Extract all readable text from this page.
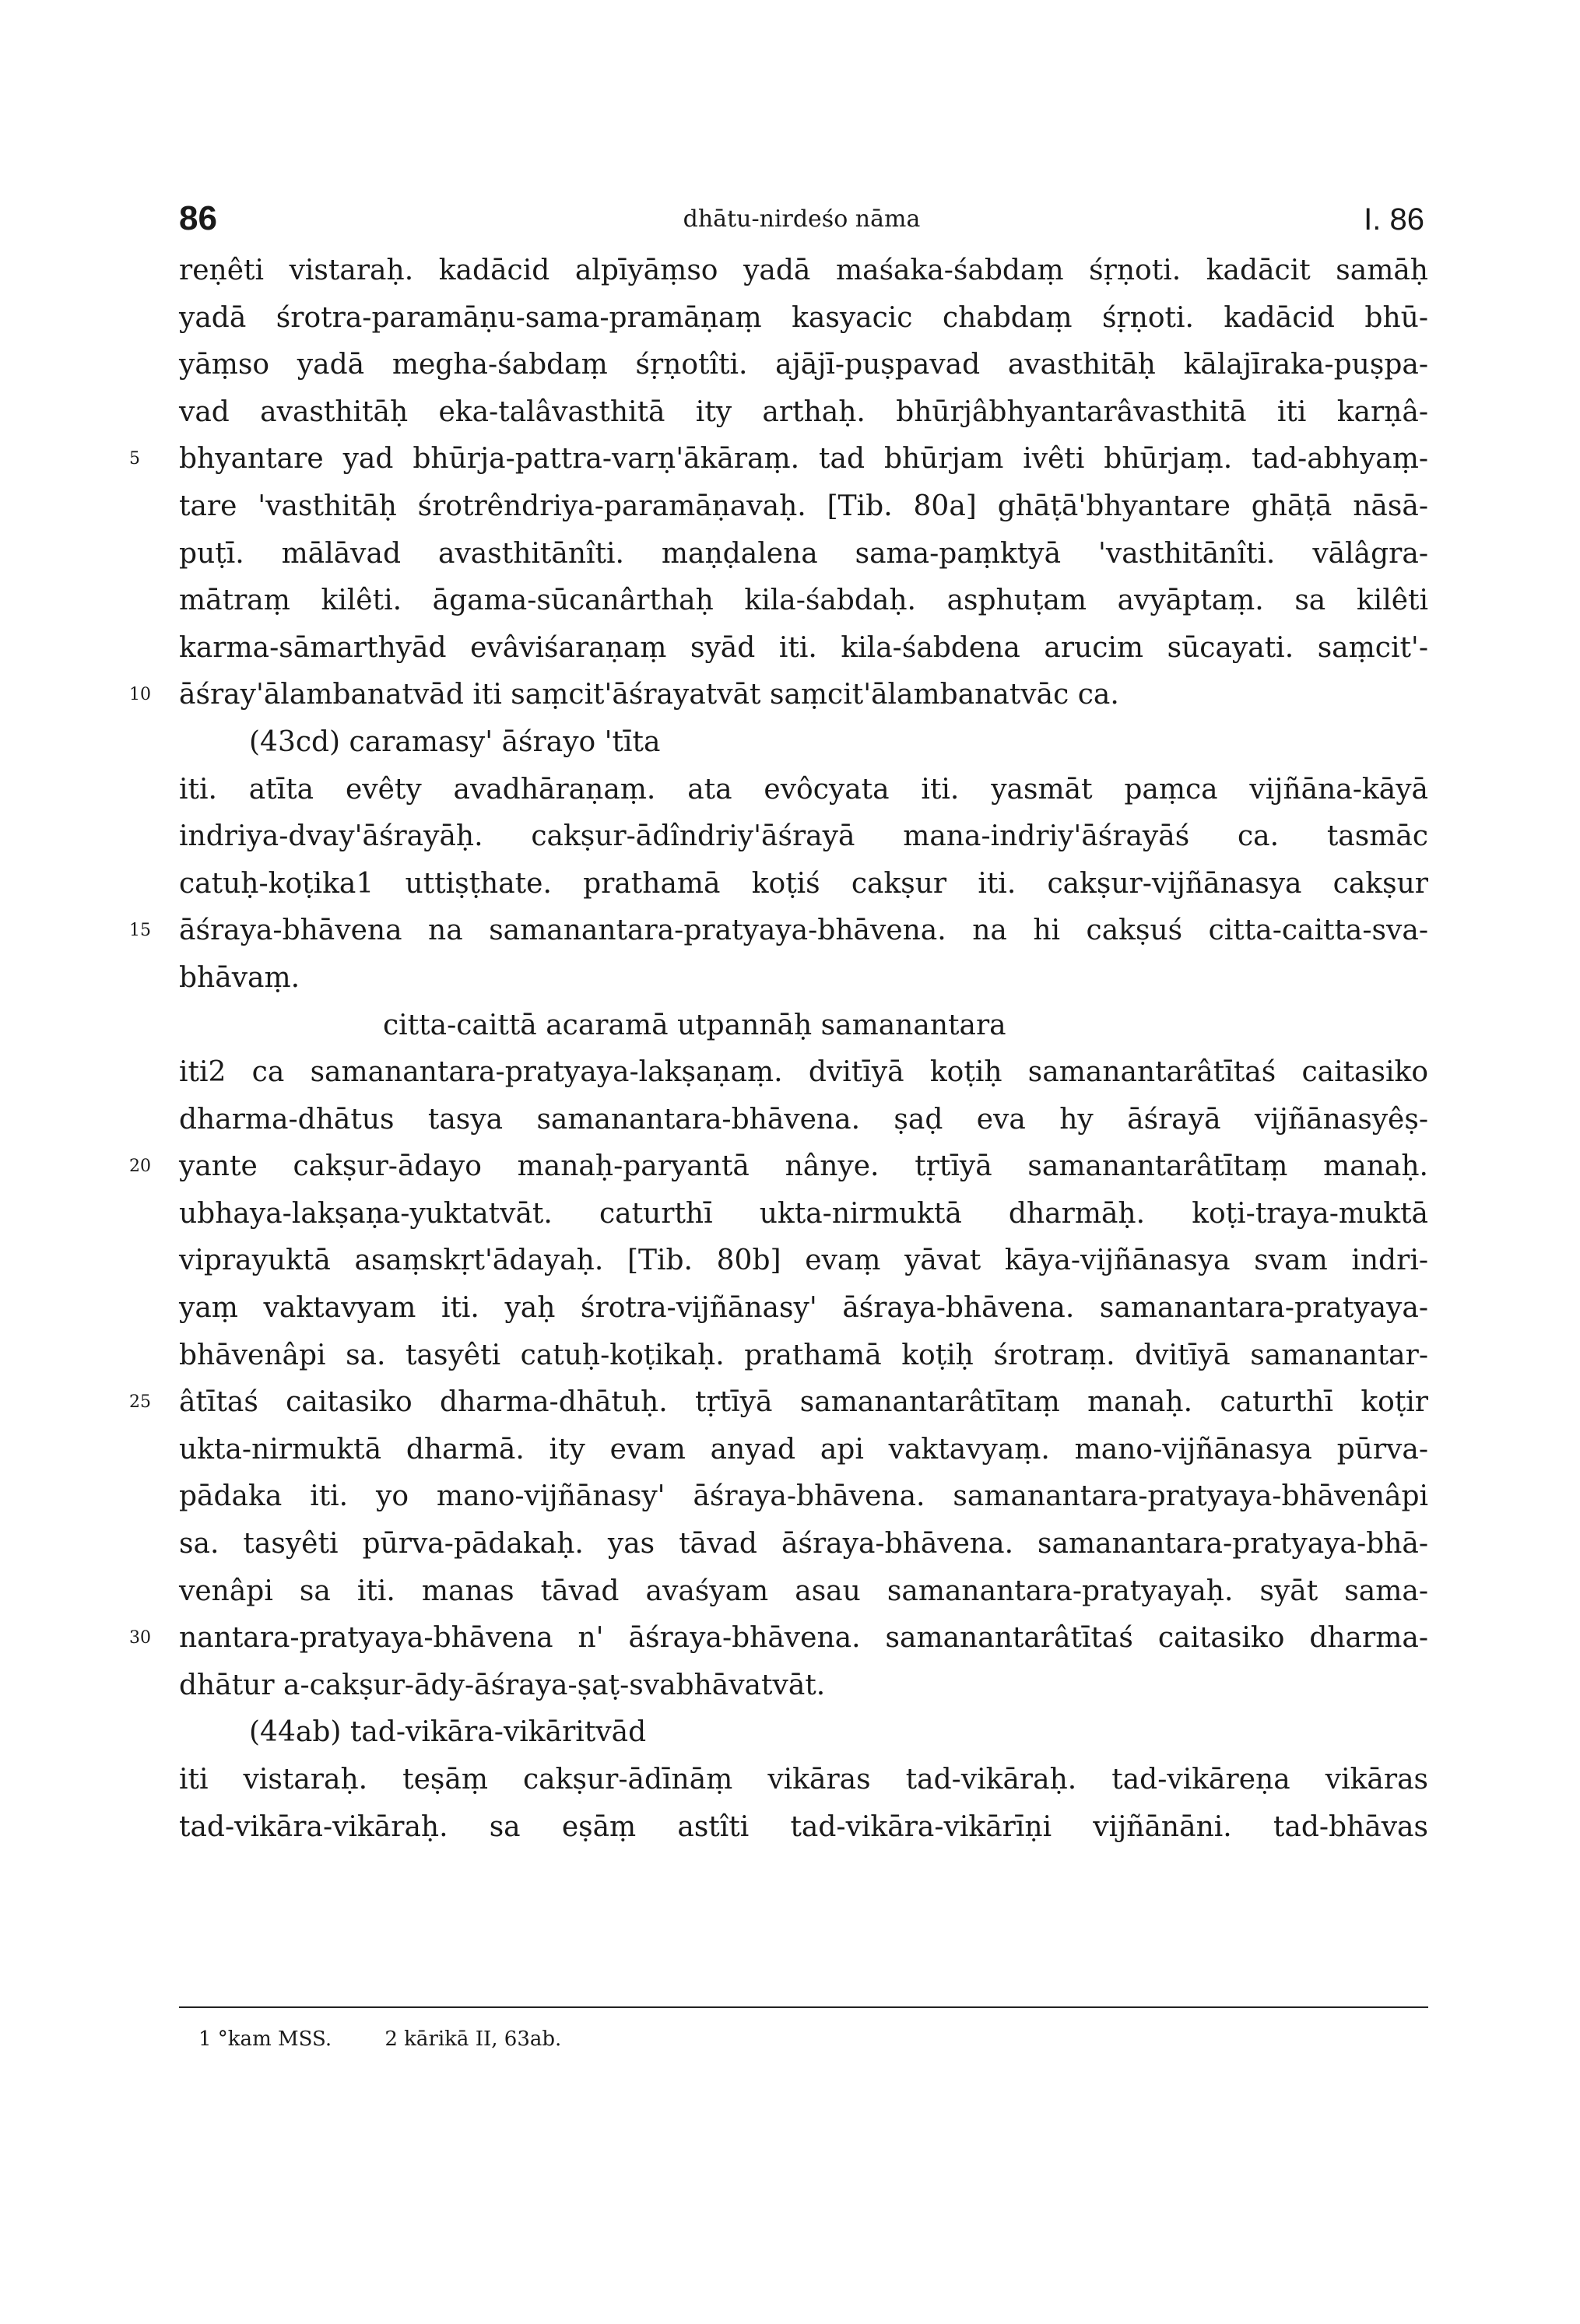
86	dhātu-nirdeśo nāma	I. 86
reṇêti vistaraḥ. kadācid alpīyāṃso yadā maśaka-śabdaṃ śṛṇoti. kadācit samāḥ
yadā śrotra-paramāṇu-sama-pramāṇaṃ kasyacic chabdaṃ śṛṇoti. kadācid bhū-
yāṃso yadā megha-śabdaṃ śṛṇotîti. ajājī-puṣpavad avasthitāḥ kālajīraka-puṣpa-
vad avasthitāḥ eka-talâvasthitā ity arthaḥ. bhūrjâbhyantarâvasthitā iti karṇâ-
5	bhyantare yad bhūrja-pattra-varṇ'ākāraṃ. tad bhūrjam ivêti bhūrjaṃ. tad-abhyaṃ-
tare 'vasthitāḥ śrotrêndriya-paramāṇavaḥ. [Tib. 80a] ghāṭā'bhyantare ghāṭā nāsā-
puṭī. mālāvad avasthitānîti. maṇḍalena sama-paṃktyā 'vasthitānîti. vālâgra-
mātraṃ kilêti. āgama-sūcanârthaḥ kila-śabdaḥ. asphuṭam avyāptaṃ. sa kilêti
karma-sāmarthyād evâviśaraṇaṃ syād iti. kila-śabdena arucim sūcayati. saṃcit'-
10	āśray'ālambanatvād iti saṃcit'āśrayatvāt saṃcit'ālambanatvāc ca.
(43cd) caramasy' āśrayo 'tīta
iti. atīta evêty avadhāraṇaṃ. ata evôcyata iti. yasmāt paṃca vijñāna-kāyā
indriya-dvay'āśrayāḥ. cakṣur-ādîndriy'āśrayā mana-indriy'āśrayāś ca. tasmāc
catuḥ-koṭika1 uttiṣṭhate. prathamā koṭiś cakṣur iti. cakṣur-vijñānasya cakṣur
15	āśraya-bhāvena na samanantara-pratyaya-bhāvena. na hi cakṣuś citta-caitta-sva-
bhāvaṃ.
citta-caittā acaramā utpannāḥ samanantara
iti2 ca samanantara-pratyaya-lakṣaṇaṃ. dvitīyā koṭiḥ samanantarâtītaś caitasiko
dharma-dhātus tasya samanantara-bhāvena. ṣaḍ eva hy āśrayā vijñānasyêṣ-
20	yante cakṣur-ādayo manaḥ-paryantā nânye. tṛtīyā samanantarâtītaṃ manaḥ.
ubhaya-lakṣaṇa-yuktatvāt. caturthī ukta-nirmuktā dharmāḥ. koṭi-traya-muktā
viprayuktā asaṃskṛt'ādayaḥ. [Tib. 80b] evaṃ yāvat kāya-vijñānasya svam indri-
yaṃ vaktavyam iti. yaḥ śrotra-vijñānasy' āśraya-bhāvena. samanantara-pratyaya-
bhāvenâpi sa. tasyêti catuḥ-koṭikaḥ. prathamā koṭiḥ śrotraṃ. dvitīyā samanantar-
25	âtītaś caitasiko dharma-dhātuḥ. tṛtīyā samanantarâtītaṃ manaḥ. caturthī koṭir
ukta-nirmuktā dharmā. ity evam anyad api vaktavyaṃ. mano-vijñānasya pūrva-
pādaka iti. yo mano-vijñānasy' āśraya-bhāvena. samanantara-pratyaya-bhāvenâpi
sa. tasyêti pūrva-pādakaḥ. yas tāvad āśraya-bhāvena. samanantara-pratyaya-bhā-
venâpi sa iti. manas tāvad avaśyam asau samanantara-pratyayaḥ. syāt sama-
30	nantara-pratyaya-bhāvena n' āśraya-bhāvena. samanantarâtītaś caitasiko dharma-
dhātur a-cakṣur-ādy-āśraya-ṣaṭ-svabhāvatvāt.
(44ab) tad-vikāra-vikāritvād
iti vistaraḥ. teṣāṃ cakṣur-ādīnāṃ vikāras tad-vikāraḥ. tad-vikāreṇa vikāras
tad-vikāra-vikāraḥ. sa eṣāṃ astîti tad-vikāra-vikārīṇi vijñānāni. tad-bhāvas
1 °kam MSS.	2 kārikā II, 63ab.
